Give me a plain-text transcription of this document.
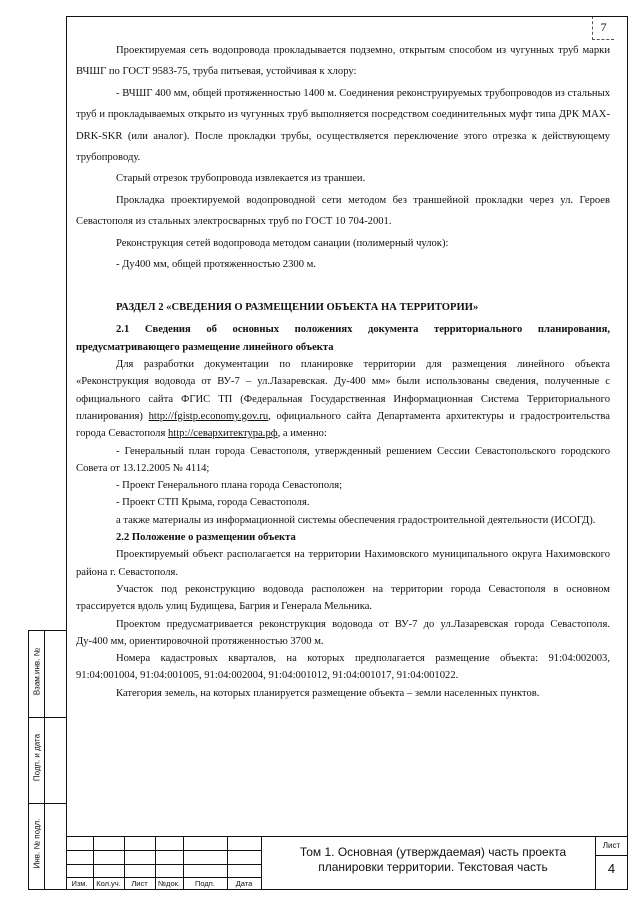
7

Проектируемая сеть водопровода прокладывается подземно, открытым способом из чугунных труб марки ВЧШГ по ГОСТ 9583-75, труба питьевая, устойчивая к хлору:

- ВЧШГ 400 мм, общей протяженностью 1400 м. Соединения реконструируемых трубопроводов из стальных труб и прокладываемых открыто из чугунных труб выполняется посредством соединительных муфт типа ДРК MAX-DRK-SKR (или аналог). После прокладки трубы, осуществляется переключение этого отрезка к действующему трубопроводу.

Старый отрезок трубопровода извлекается из траншеи.

Прокладка проектируемой водопроводной сети методом без траншейной прокладки через ул. Героев Севастополя из стальных электросварных труб по ГОСТ 10 704-2001.

Реконструкция сетей водопровода методом санации (полимерный чулок):

- Ду400 мм, общей протяженностью 2300 м.

РАЗДЕЛ 2 «СВЕДЕНИЯ О РАЗМЕЩЕНИИ ОБЪЕКТА НА ТЕРРИТОРИИ»

2.1 Сведения об основных положениях документа территориального планирования, предусматривающего размещение линейного объекта

Для разработки документации по планировке территории для размещения линейного объекта «Реконструкция водовода от ВУ-7 – ул.Лазаревская. Ду-400 мм» были использованы сведения, полученные с официального сайта ФГИС ТП (Федеральная Государственная Информационная Система Территориального планирования) http://fgistp.economy.gov.ru, официального сайта Департамента архитектуры и градостроительства города Севастополя http://севархитектура.рф, а именно:

- Генеральный план города Севастополя, утвержденный решением Сессии Севастопольского городского Совета от 13.12.2005 № 4114;

- Проект Генерального плана города Севастополя;

- Проект СТП Крыма, города Севастополя.

а также материалы из информационной системы обеспечения градостроительной деятельности (ИСОГД).

2.2 Положение о размещении объекта

Проектируемый объект располагается на территории Нахимовского муниципального округа Нахимовского района г. Севастополя.

Участок под реконструкцию водовода расположен на территории города Севастополя в основном трассируется вдоль улиц Будищева, Багрия и Генерала Мельника.

Проектом предусматривается реконструкция водовода от ВУ-7 до ул.Лазаревская города Севастополя. Ду-400 мм, ориентировочной протяженностью 3700 м.

Номера кадастровых кварталов, на которых предполагается размещение объекта: 91:04:002003, 91:04:001004, 91:04:001005, 91:04:002004, 91:04:001012, 91:04:001017, 91:04:001022.

Категория земель, на которых планируется размещение объекта – земли населенных пунктов.

Взам.инв. №
Подп. и дата
Инв. № подл.
Изм.	Кол.уч.	Лист	№док.	Подп.	Дата
Том 1. Основная (утверждаемая) часть проекта планировки территории. Текстовая часть
Лист
4
